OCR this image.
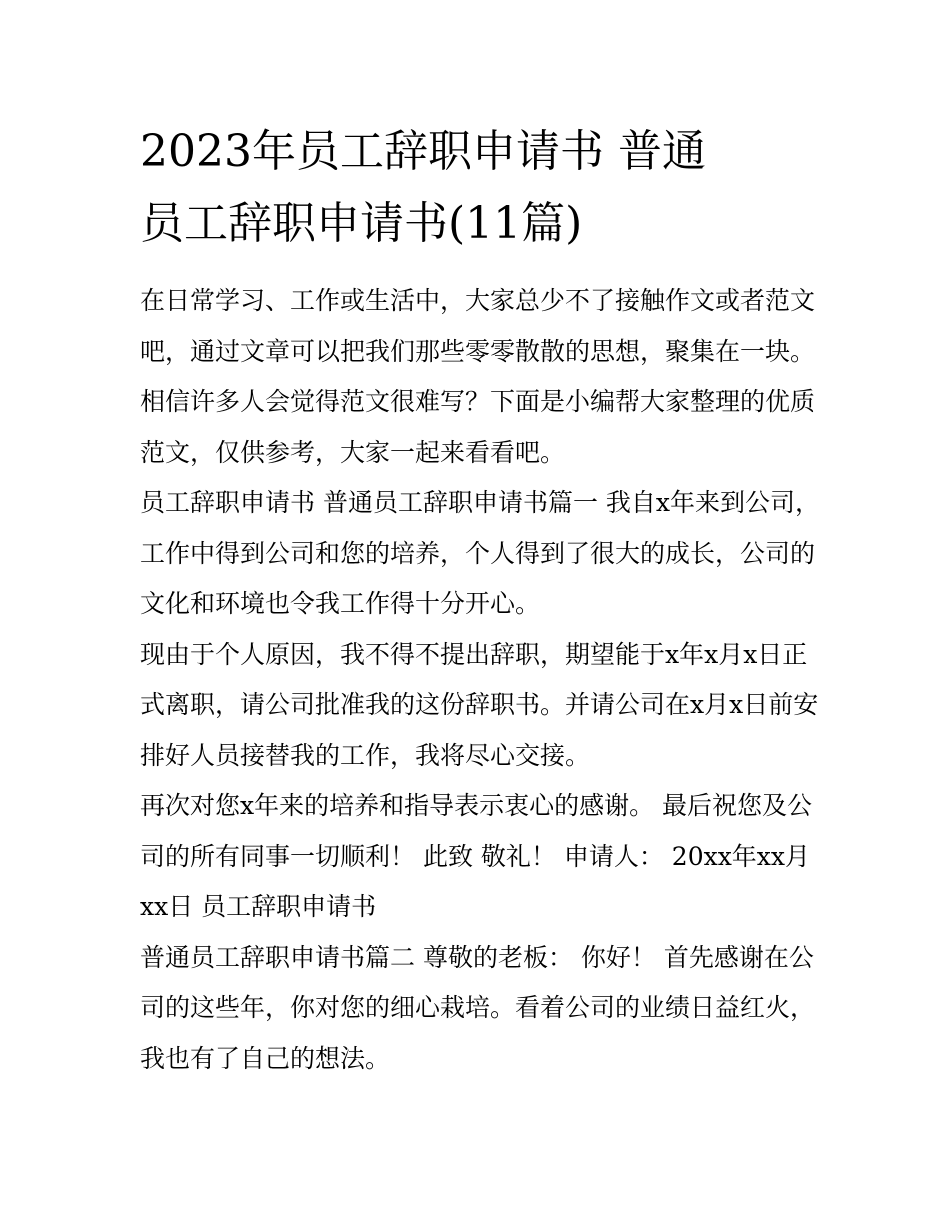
2023年员工辞职申请书 普通
员工辞职申请书(11篇)

在日常学习、工作或生活中，大家总少不了接触作文或者范文吧，通过文章可以把我们那些零零散散的思想，聚集在一块。相信许多人会觉得范文很难写？下面是小编帮大家整理的优质范文，仅供参考，大家一起来看看吧。

员工辞职申请书 普通员工辞职申请书篇一 我自x年来到公司，工作中得到公司和您的培养，个人得到了很大的成长，公司的文化和环境也令我工作得十分开心。

现由于个人原因，我不得不提出辞职，期望能于x年x月x日正式离职，请公司批准我的这份辞职书。并请公司在x月x日前安排好人员接替我的工作，我将尽心交接。

再次对您x年来的培养和指导表示衷心的感谢。 最后祝您及公司的所有同事一切顺利！ 此致 敬礼！ 申请人： 20xx年xx月xx日 员工辞职申请书

普通员工辞职申请书篇二 尊敬的老板： 你好！ 首先感谢在公司的这些年，你对您的细心栽培。看着公司的业绩日益红火，我也有了自己的想法。
